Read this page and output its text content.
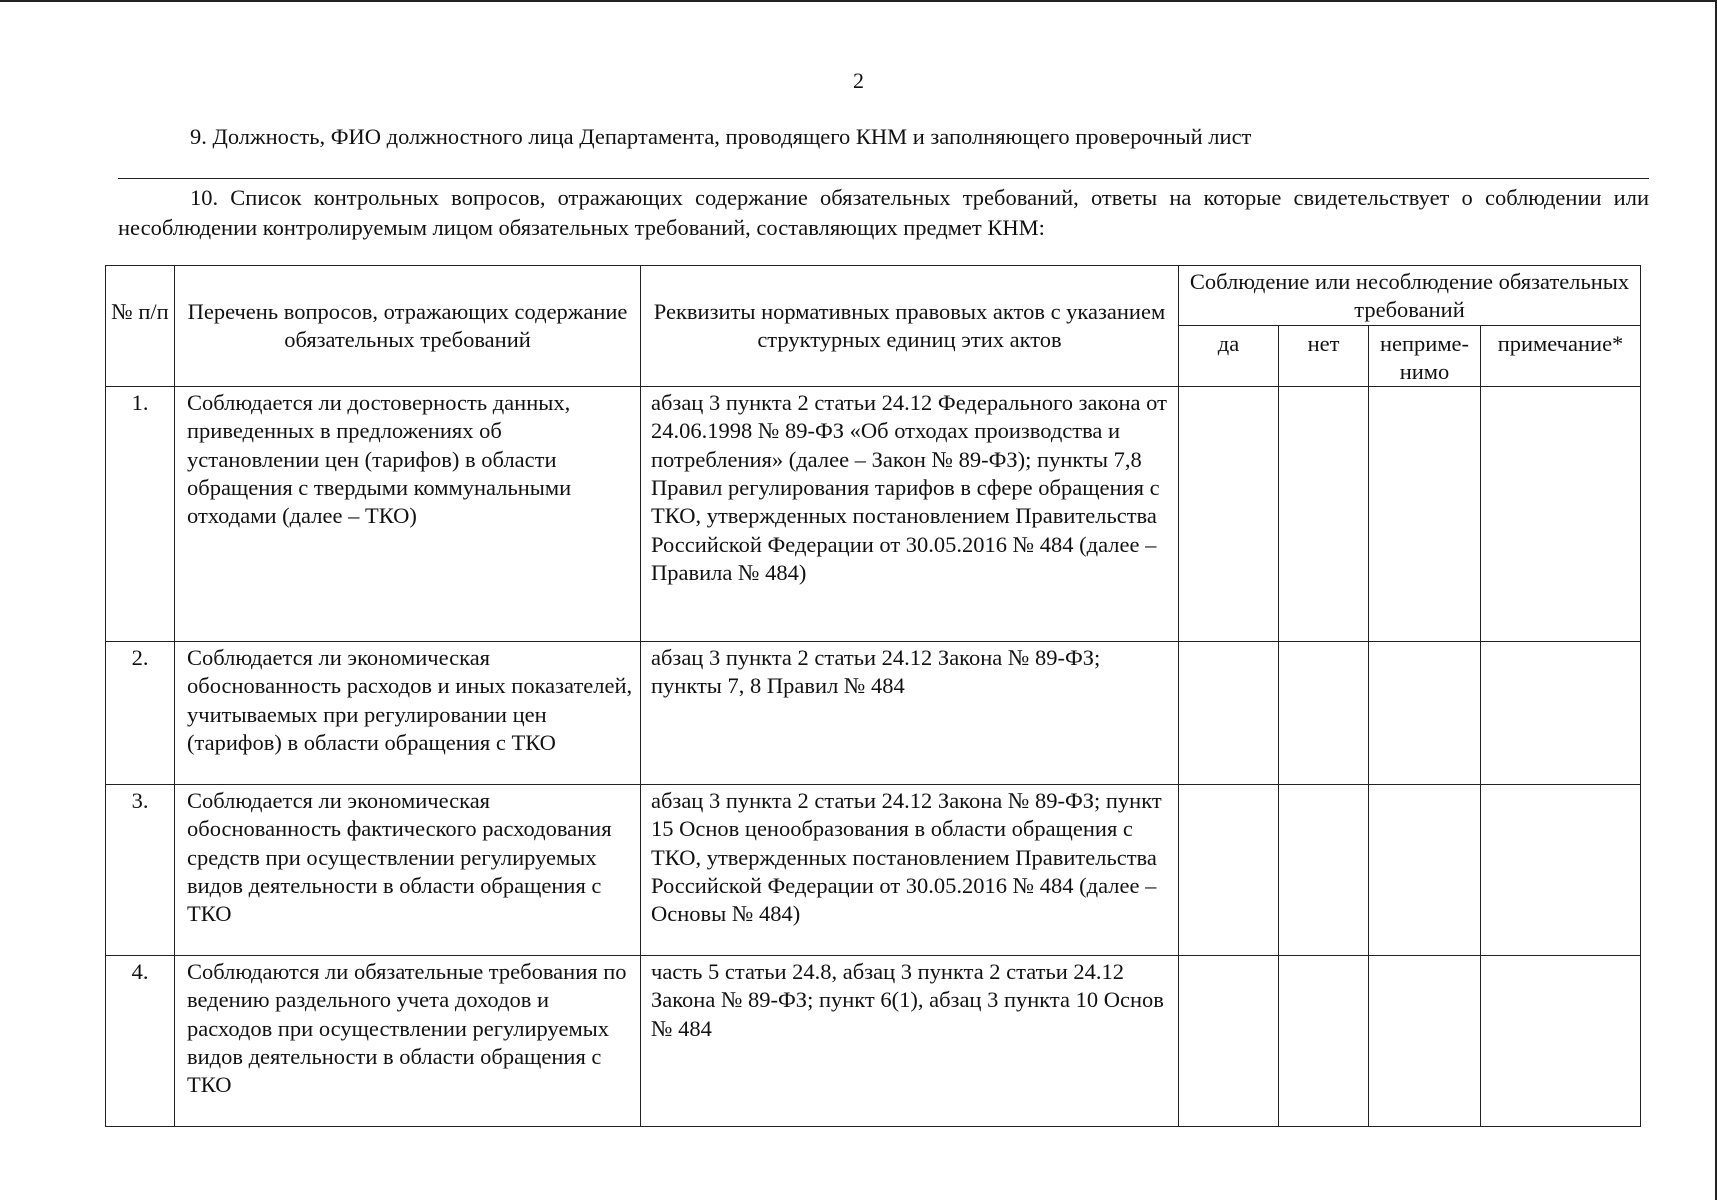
2
9. Должность, ФИО должностного лица Департамента, проводящего КНМ и заполняющего проверочный лист
10. Список контрольных вопросов, отражающих содержание обязательных требований, ответы на которые свидетельствует о соблюдении или несоблюдении контролируемым лицом обязательных требований, составляющих предмет КНМ:
№ п/п	Перечень вопросов, отражающих содержание обязательных требований	Реквизиты нормативных правовых актов с указанием структурных единиц этих актов	Соблюдение или несоблюдение обязательных требований			
			да	нет	неприме-нимо	примечание*
1.	Соблюдается ли достоверность данных, приведенных в предложениях об установлении цен (тарифов) в области обращения с твердыми коммунальными отходами (далее – ТКО)	абзац 3 пункта 2 статьи 24.12 Федерального закона от 24.06.1998 № 89-ФЗ «Об отходах производства и потребления» (далее – Закон № 89-ФЗ); пункты 7,8 Правил регулирования тарифов в сфере обращения с ТКО, утвержденных постановлением Правительства Российской Федерации от 30.05.2016 № 484 (далее – Правила № 484)				
2.	Соблюдается ли экономическая обоснованность расходов и иных показателей, учитываемых при регулировании цен (тарифов) в области обращения с ТКО	абзац 3 пункта 2 статьи 24.12 Закона № 89-ФЗ; пункты 7, 8 Правил № 484				
3.	Соблюдается ли экономическая обоснованность фактического расходования средств при осуществлении регулируемых видов деятельности в области обращения с ТКО	абзац 3 пункта 2 статьи 24.12 Закона № 89-ФЗ; пункт 15 Основ ценообразования в области обращения с ТКО, утвержденных постановлением Правительства Российской Федерации от 30.05.2016 № 484 (далее – Основы № 484)				
4.	Соблюдаются ли обязательные требования по ведению раздельного учета доходов и расходов при осуществлении регулируемых видов деятельности в области обращения с ТКО	часть 5 статьи 24.8, абзац 3 пункта 2 статьи 24.12 Закона № 89-ФЗ; пункт 6(1), абзац 3 пункта 10 Основ № 484				
